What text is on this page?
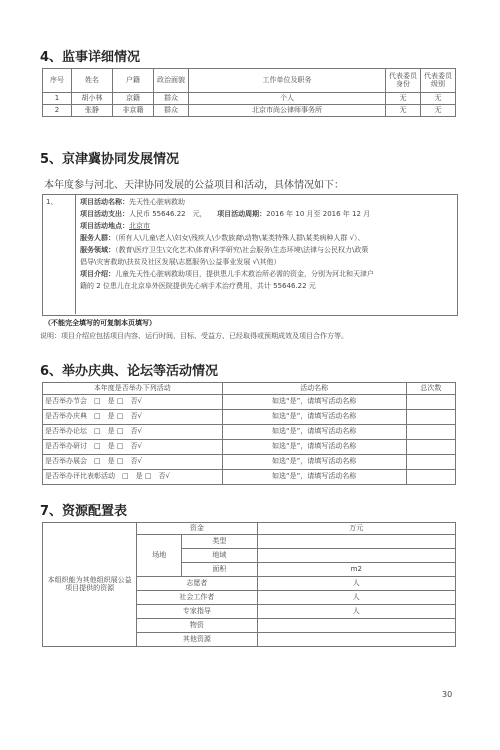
4、监事详细情况
序号	姓名	户籍	政治面貌	工作单位及职务	代表委员身份	代表委员级别
1	胡小林	京籍	群众	个人	无	无
2	张静	非京籍	群众	北京市尚公律师事务所	无	无
5、京津冀协同发展情况
本年度参与河北、天津协同发展的公益项目和活动，具体情况如下：
1、	项目活动名称：先天性心脏病救助
项目活动支出：人民币 55646.22　元，　　 项目活动周期：2016 年 10 月至 2016 年 12 月
项目活动地点：北京市
服务人群：（所有人\儿童\老人\妇女\残疾人\少数族裔\动物\某类特殊人群\某类病种人群 √）、
服务领域：（教育\医疗卫生\文化艺术\体育\科学研究\社会服务\生态环境\法律与公民权力\政策
倡导\灾害救助\扶贫及社区发展\志愿服务\公益事业发展 √\其他）
项目介绍：儿童先天性心脏病救助项目，提供患儿手术救治所必需的资金，分别为河北和天津户
籍的 2 位患儿在北京阜外医院提供先心病手术治疗费用，共计 55646.22 元
（不能完全填写的可复制本页填写）
说明：项目介绍应包括项目内容、运行时间、目标、受益方、已经取得或预期成效及项目合作方等。
6、举办庆典、论坛等活动情况
本年度是否举办下列活动	活动名称	总次数
是否举办节会　□　是 □　否√	如选“是”，请填写活动名称	
是否举办庆典　□　是 □　否√	如选“是”，请填写活动名称	
是否举办论坛　□　是 □　否√	如选“是”，请填写活动名称	
是否举办研讨　□　是 □　否√	如选“是”，请填写活动名称	
是否举办展会　□　是 □　否√	如选“是”，请填写活动名称	
是否举办评比表彰活动　□　是 □　否√	如选“是”，请填写活动名称	
7、资源配置表
本组织能为其他组织展公益项目提供的资源	资金		万元
	场地	类型	
		地域	
		面积	m2
	志愿者		人
	社会工作者		人
	专家指导		人
	物资		
	其他资源		
30
